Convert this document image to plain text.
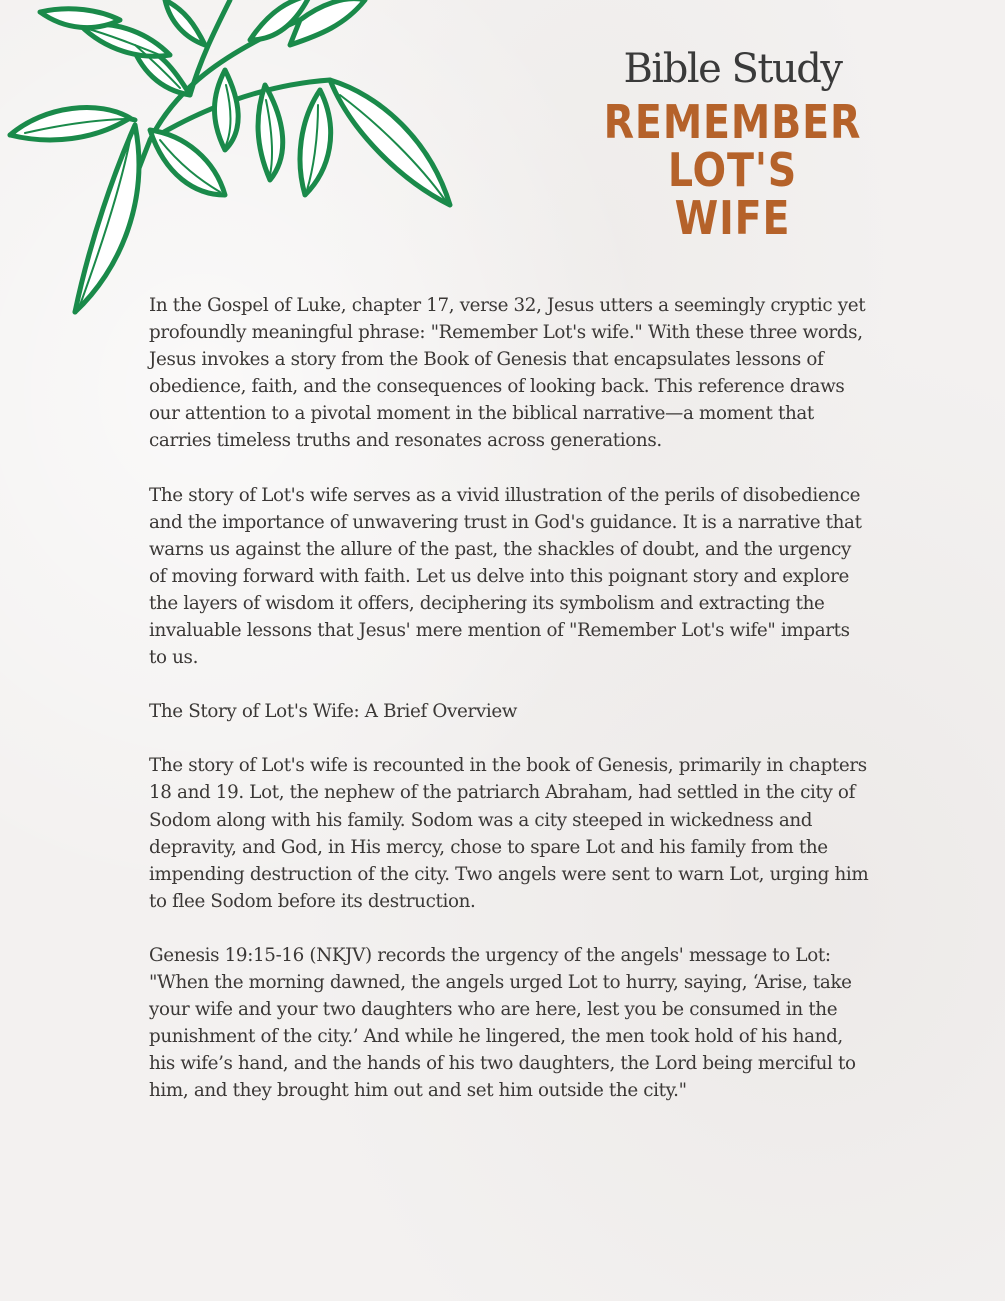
Bible Study
REMEMBER LOT'S
WIFE

In the Gospel of Luke, chapter 17, verse 32, Jesus utters a seemingly cryptic yet profoundly meaningful phrase: "Remember Lot's wife." With these three words, Jesus invokes a story from the Book of Genesis that encapsulates lessons of obedience, faith, and the consequences of looking back. This reference draws our attention to a pivotal moment in the biblical narrative—a moment that carries timeless truths and resonates across generations.

The story of Lot's wife serves as a vivid illustration of the perils of disobedience and the importance of unwavering trust in God's guidance. It is a narrative that warns us against the allure of the past, the shackles of doubt, and the urgency of moving forward with faith. Let us delve into this poignant story and explore the layers of wisdom it offers, deciphering its symbolism and extracting the invaluable lessons that Jesus' mere mention of "Remember Lot's wife" imparts to us.

The Story of Lot's Wife: A Brief Overview

The story of Lot's wife is recounted in the book of Genesis, primarily in chapters 18 and 19. Lot, the nephew of the patriarch Abraham, had settled in the city of Sodom along with his family. Sodom was a city steeped in wickedness and depravity, and God, in His mercy, chose to spare Lot and his family from the impending destruction of the city. Two angels were sent to warn Lot, urging him to flee Sodom before its destruction.

Genesis 19:15-16 (NKJV) records the urgency of the angels' message to Lot: "When the morning dawned, the angels urged Lot to hurry, saying, ‘Arise, take your wife and your two daughters who are here, lest you be consumed in the punishment of the city.’ And while he lingered, the men took hold of his hand, his wife’s hand, and the hands of his two daughters, the Lord being merciful to him, and they brought him out and set him outside the city."
